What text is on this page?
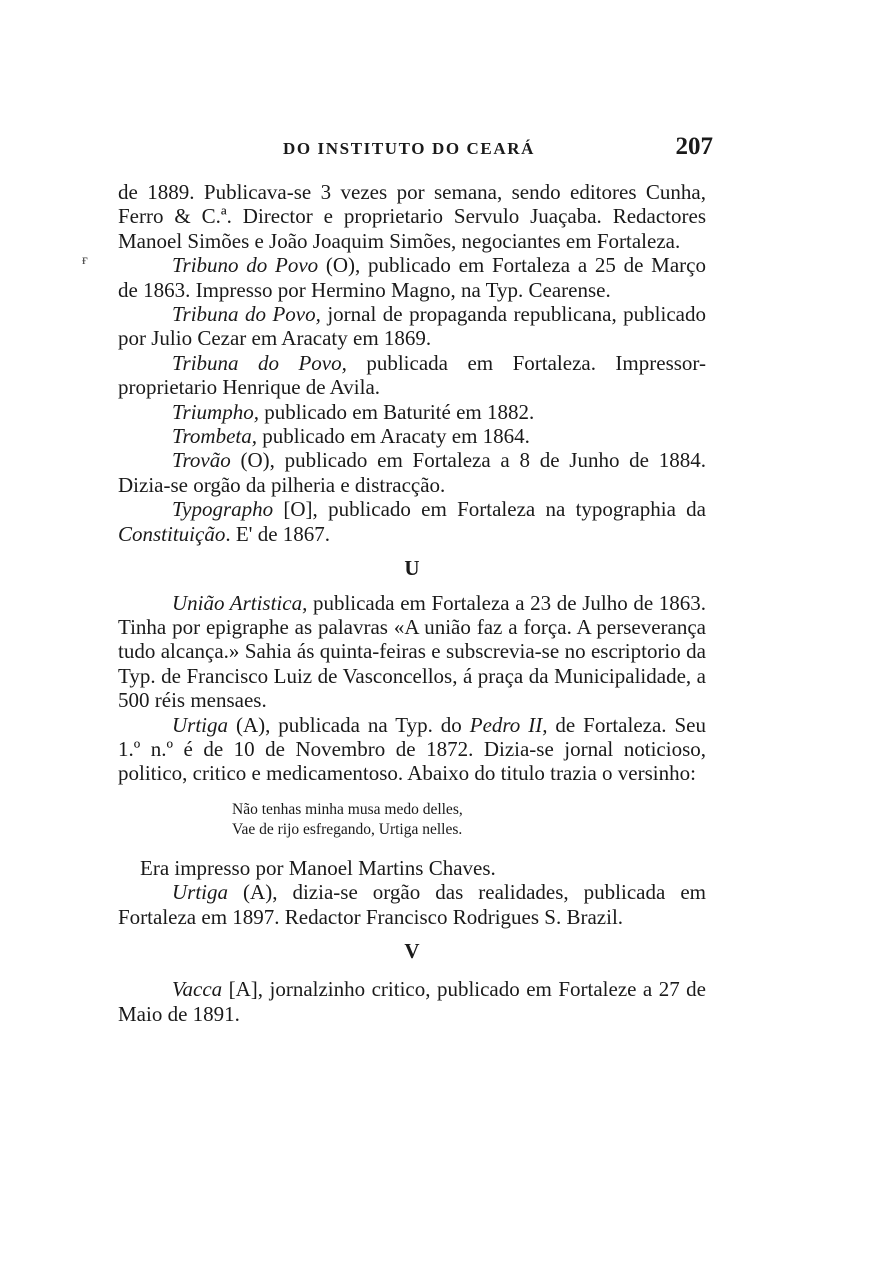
DO INSTITUTO DO CEARÁ	207

de 1889. Publicava-se 3 vezes por semana, sendo editores Cunha, Ferro & C.ª. Director e proprietario Servulo Juaçaba. Redactores Manoel Simões e João Joaquim Simões, negociantes em Fortaleza.

Tribuno do Povo (O), publicado em Fortaleza a 25 de Março de 1863. Impresso por Hermino Magno, na Typ. Cearense.

Tribuna do Povo, jornal de propaganda republicana, publicado por Julio Cezar em Aracaty em 1869.

Tribuna do Povo, publicada em Fortaleza. Impressor-proprietario Henrique de Avila.

Triumpho, publicado em Baturité em 1882.

Trombeta, publicado em Aracaty em 1864.

Trovão (O), publicado em Fortaleza a 8 de Junho de 1884. Dizia-se orgão da pilheria e distracção.

Typographo [O], publicado em Fortaleza na typographia da Constituição. E' de 1867.

U

União Artistica, publicada em Fortaleza a 23 de Julho de 1863. Tinha por epigraphe as palavras «A união faz a força. A perseverança tudo alcança.» Sahia ás quinta-feiras e subscrevia-se no escriptorio da Typ. de Francisco Luiz de Vasconcellos, á praça da Municipalidade, a 500 réis mensaes.

Urtiga (A), publicada na Typ. do Pedro II, de Fortaleza. Seu 1.º n.º é de 10 de Novembro de 1872. Dizia-se jornal noticioso, politico, critico e medicamentoso. Abaixo do titulo trazia o versinho:

Não tenhas minha musa medo delles,
Vae de rijo esfregando, Urtiga nelles.

Era impresso por Manoel Martins Chaves.

Urtiga (A), dizia-se orgão das realidades, publicada em Fortaleza em 1897. Redactor Francisco Rodrigues S. Brazil.

V

Vacca [A], jornalzinho critico, publicado em Fortaleze a 27 de Maio de 1891.

ғ
